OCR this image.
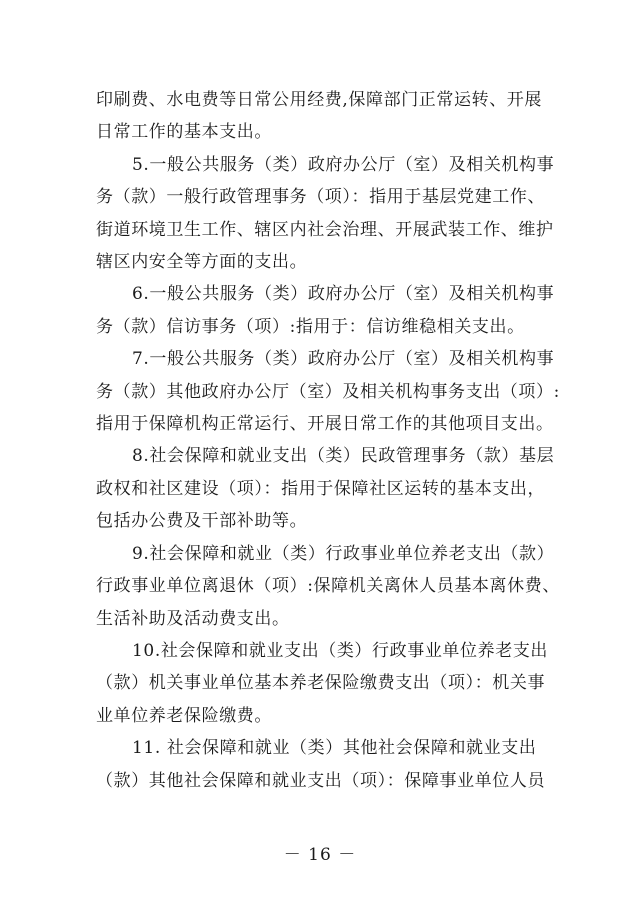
印刷费、水电费等日常公用经费,保障部门正常运转、开展

日常工作的基本支出。

5.一般公共服务（类）政府办公厅（室）及相关机构事

务（款）一般行政管理事务（项）：指用于基层党建工作、

街道环境卫生工作、辖区内社会治理、开展武装工作、维护

辖区内安全等方面的支出。

6.一般公共服务（类）政府办公厅（室）及相关机构事

务（款）信访事务（项）:指用于：信访维稳相关支出。

7.一般公共服务（类）政府办公厅（室）及相关机构事

务（款）其他政府办公厅（室）及相关机构事务支出（项）:

指用于保障机构正常运行、开展日常工作的其他项目支出。

8.社会保障和就业支出（类）民政管理事务（款）基层

政权和社区建设（项）：指用于保障社区运转的基本支出，

包括办公费及干部补助等。

9.社会保障和就业（类）行政事业单位养老支出（款）

行政事业单位离退休（项）:保障机关离休人员基本离休费、

生活补助及活动费支出。

10.社会保障和就业支出（类）行政事业单位养老支出

（款）机关事业单位基本养老保险缴费支出（项）：机关事

业单位养老保险缴费。

11. 社会保障和就业（类）其他社会保障和就业支出

（款）其他社会保障和就业支出（项）：保障事业单位人员

－ 16 －
